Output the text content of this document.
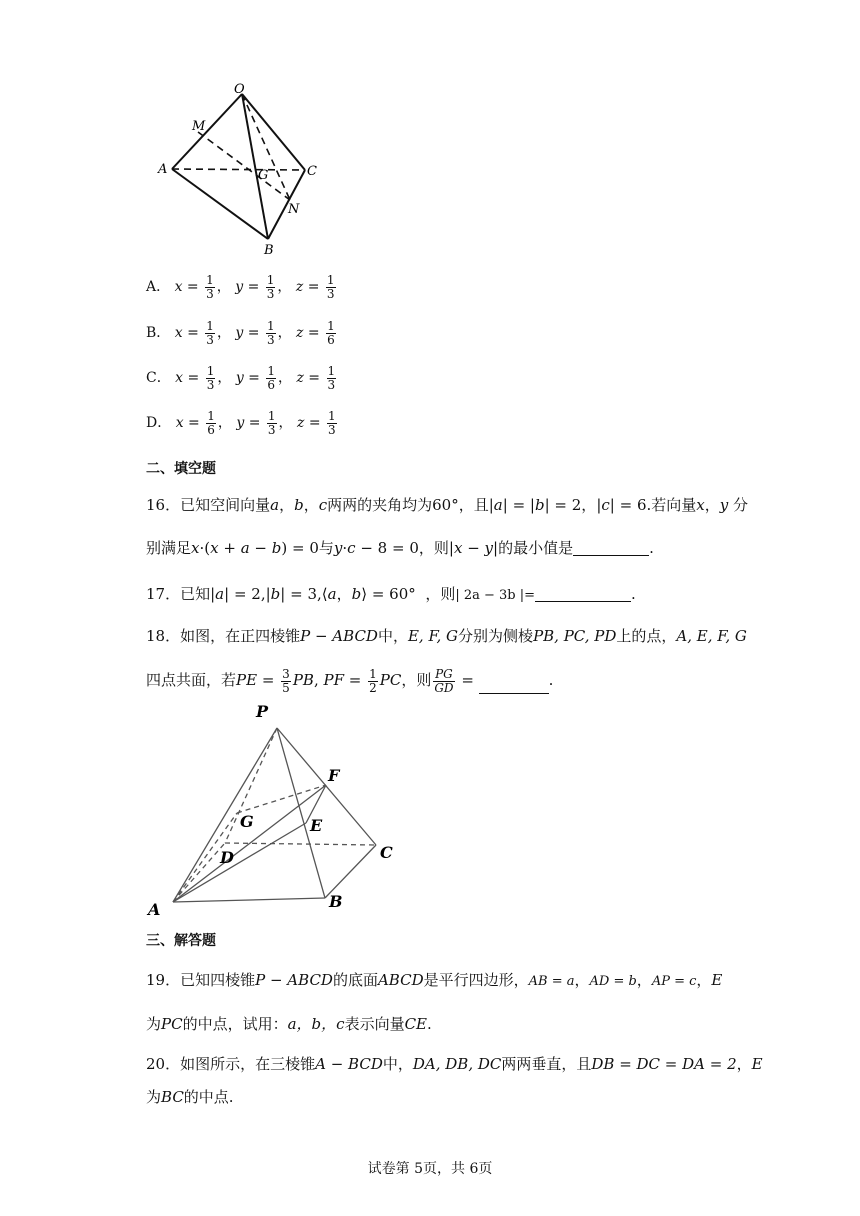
O
M
A	G	C
N
B
A． $x = \frac{1}{3}$ ， $y = \frac{1}{3}$ ， $z = \frac{1}{3}$
B． $x = \frac{1}{3}$ ， $y = \frac{1}{3}$ ， $z = \frac{1}{6}$
C． $x = \frac{1}{3}$ ， $y = \frac{1}{6}$ ， $z = \frac{1}{3}$
D． $x = \frac{1}{6}$ ， $y = \frac{1}{3}$ ， $z = \frac{1}{3}$
二、填空题
16．已知空间向量a，b，c两两的夹角均为60°，且|a| = |b| = 2，|c| = 6.若向量x，y 分
别满足x·(x + a − b) = 0与y·c − 8 = 0，则|x − y|的最小值是	.
17．已知|a| = 2,|b| = 3,⟨a，b⟩ = 60° ，则| 2a − 3b |=	.
18．如图，在正四棱锥P − ABCD中，E, F, G分别为侧棱PB, PC, PD上的点，A, E, F, G
四点共面，若PE = $\frac{3}{5}$ PB, PF = $\frac{1}{2}$ PC，则 $\frac{PG}{GD}$ =	.
P
F
G	E
D	C
A	B
三、解答题
19．已知四棱锥P − ABCD的底面ABCD是平行四边形，AB = a，AD = b，AP = c，E
为PC的中点，试用：a，b，c表示向量CE.
20．如图所示，在三棱锥A − BCD中，DA, DB, DC两两垂直，且DB = DC = DA = 2，E
为BC的中点.
试卷第 5页，共 6页
